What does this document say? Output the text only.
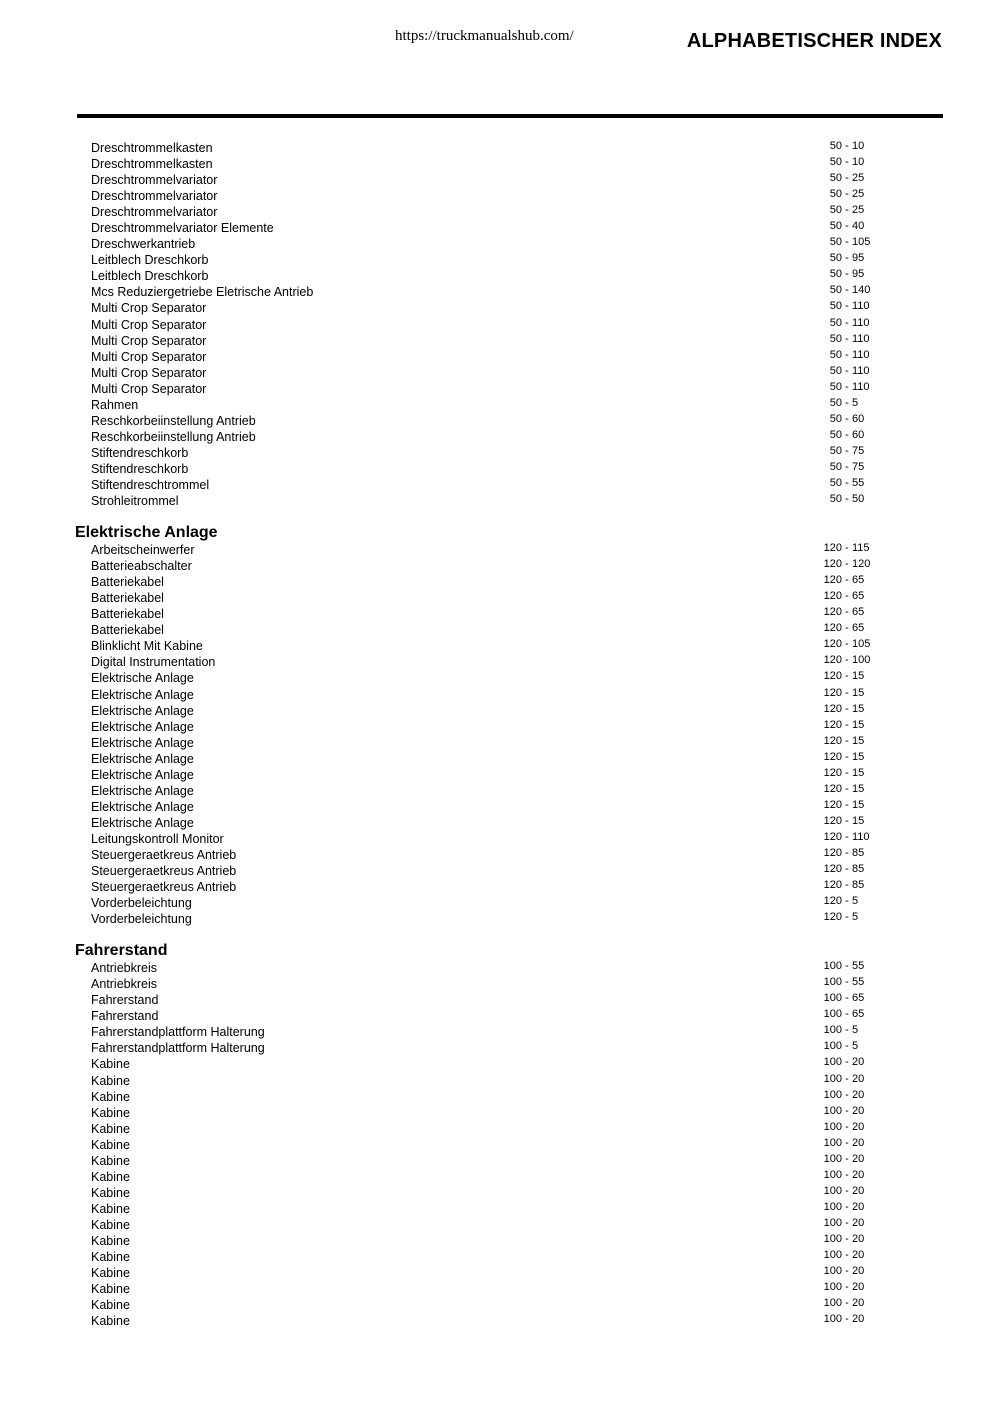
https://truckmanualshub.com/	ALPHABETISCHER INDEX
Dreschtrommelkasten	50 - 10
Dreschtrommelkasten	50 - 10
Dreschtrommelvariator	50 - 25
Dreschtrommelvariator	50 - 25
Dreschtrommelvariator	50 - 25
Dreschtrommelvariator Elemente	50 - 40
Dreschwerkantrieb	50 - 105
Leitblech Dreschkorb	50 - 95
Leitblech Dreschkorb	50 - 95
Mcs Reduziergetriebe Eletrische Antrieb	50 - 140
Multi Crop Separator	50 - 110
Multi Crop Separator	50 - 110
Multi Crop Separator	50 - 110
Multi Crop Separator	50 - 110
Multi Crop Separator	50 - 110
Multi Crop Separator	50 - 110
Rahmen	50 - 5
Reschkorbeiinstellung Antrieb	50 - 60
Reschkorbeiinstellung Antrieb	50 - 60
Stiftendreschkorb	50 - 75
Stiftendreschkorb	50 - 75
Stiftendreschtrommel	50 - 55
Strohleitrommel	50 - 50
Elektrische Anlage
Arbeitscheinwerfer	120 - 115
Batterieabschalter	120 - 120
Batteriekabel	120 - 65
Batteriekabel	120 - 65
Batteriekabel	120 - 65
Batteriekabel	120 - 65
Blinklicht Mit Kabine	120 - 105
Digital Instrumentation	120 - 100
Elektrische Anlage	120 - 15
Elektrische Anlage	120 - 15
Elektrische Anlage	120 - 15
Elektrische Anlage	120 - 15
Elektrische Anlage	120 - 15
Elektrische Anlage	120 - 15
Elektrische Anlage	120 - 15
Elektrische Anlage	120 - 15
Elektrische Anlage	120 - 15
Elektrische Anlage	120 - 15
Leitungskontroll Monitor	120 - 110
Steuergeraetkreus Antrieb	120 - 85
Steuergeraetkreus Antrieb	120 - 85
Steuergeraetkreus Antrieb	120 - 85
Vorderbeleichtung	120 - 5
Vorderbeleichtung	120 - 5
Fahrerstand
Antriebkreis	100 - 55
Antriebkreis	100 - 55
Fahrerstand	100 - 65
Fahrerstand	100 - 65
Fahrerstandplattform Halterung	100 - 5
Fahrerstandplattform Halterung	100 - 5
Kabine	100 - 20
Kabine	100 - 20
Kabine	100 - 20
Kabine	100 - 20
Kabine	100 - 20
Kabine	100 - 20
Kabine	100 - 20
Kabine	100 - 20
Kabine	100 - 20
Kabine	100 - 20
Kabine	100 - 20
Kabine	100 - 20
Kabine	100 - 20
Kabine	100 - 20
Kabine	100 - 20
Kabine	100 - 20
Kabine	100 - 20
